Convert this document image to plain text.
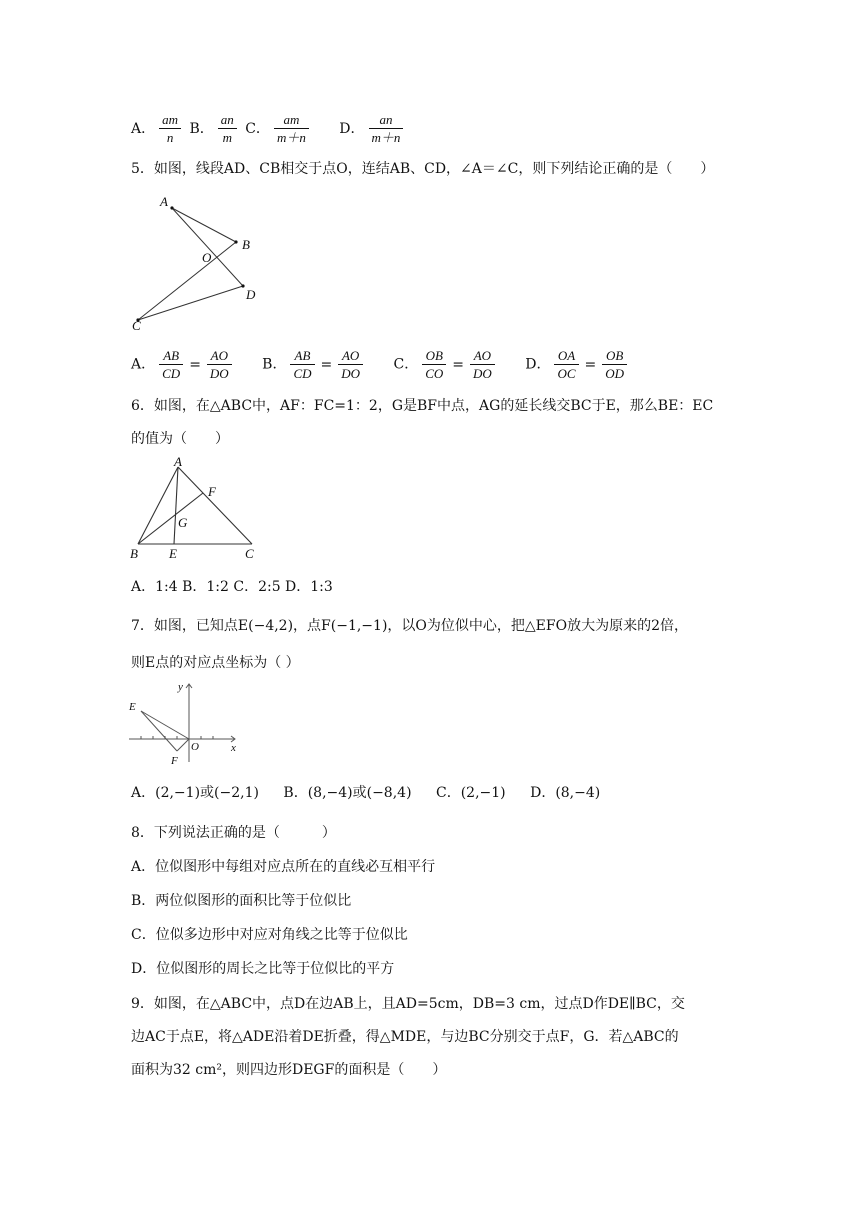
A． $\frac{am}{n}$ B． $\frac{an}{m}$ C． $\frac{am}{m+n}$ D． $\frac{an}{m+n}$
5．如图，线段AD、CB相交于点O，连结AB、CD，∠A＝∠C，则下列结论正确的是（　　）
A
B
O
D
C
A． $\frac{AB}{CD} = \frac{AO}{DO}$ B． $\frac{AB}{CD} = \frac{AO}{DO}$ C． $\frac{OB}{CO} = \frac{AO}{DO}$ D． $\frac{OA}{OC} = \frac{OB}{OD}$
6．如图，在△ABC中，AF：FC=1：2，G是BF中点，AG的延长线交BC于E，那么BE：EC
的值为（　　）
A
F
G
B E	C
A．1:4 B．1:2 C．2:5 D．1:3
7．如图，已知点E(−4,2)，点F(−1,−1)，以O为位似中心，把△EFO放大为原来的2倍，
则E点的对应点坐标为（ ）
y
E
O	x
F
A．(2,−1)或(−2,1) B．(8,−4)或(−8,4) C．(2,−1) D．(8,−4)
8．下列说法正确的是（　　　）
A．位似图形中每组对应点所在的直线必互相平行
B．两位似图形的面积比等于位似比
C．位似多边形中对应对角线之比等于位似比
D．位似图形的周长之比等于位似比的平方
9．如图，在△ABC中，点D在边AB上，且AD=5cm，DB=3 cm，过点D作DE∥BC，交
边AC于点E，将△ADE沿着DE折叠，得△MDE，与边BC分别交于点F，G．若△ABC的
面积为32 cm²，则四边形DEGF的面积是（　　）
